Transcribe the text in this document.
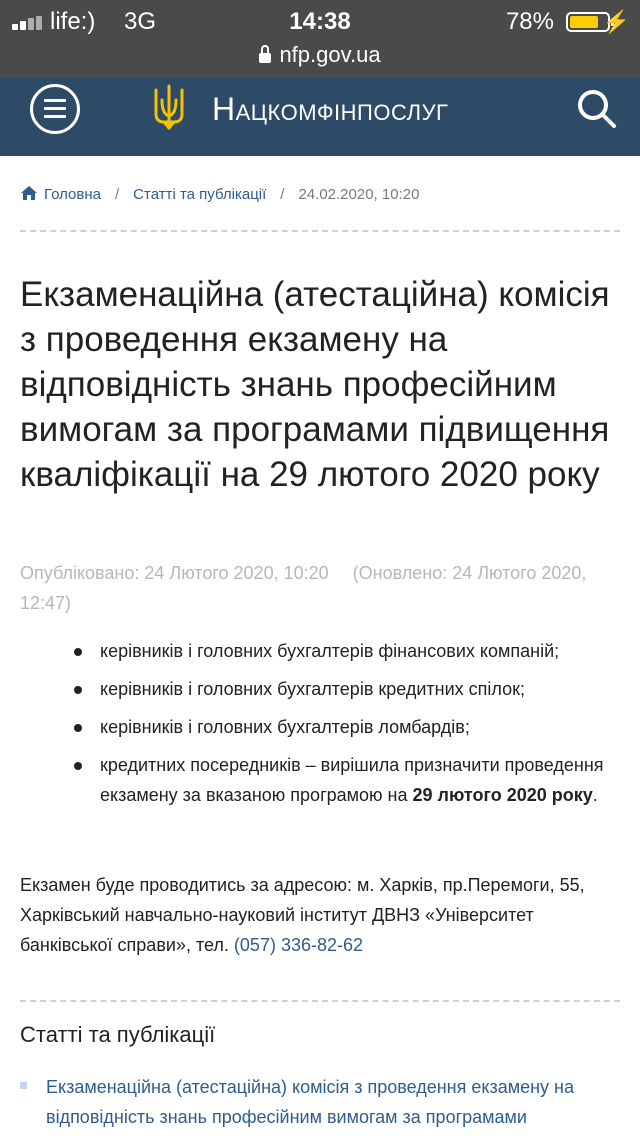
life:) 3G	14:38	78% ⚡
nfp.gov.ua
Нацкомфінпослуг
Головна / Статті та публікації / 24.02.2020, 10:20
Екзаменаційна (атестаційна) комісія з проведення екзамену на відповідність знань професійним вимогам за програмами підвищення кваліфікації на 29 лютого 2020 року
Опубліковано: 24 Лютого 2020, 10:20 (Оновлено: 24 Лютого 2020, 12:47)
керівників і головних бухгалтерів фінансових компаній;
керівників і головних бухгалтерів кредитних спілок;
керівників і головних бухгалтерів ломбардів;
кредитних посередників – вирішила призначити проведення екзамену за вказаною програмою на 29 лютого 2020 року.
Екзамен буде проводитись за адресою: м. Харків, пр.Перемоги, 55, Харківський навчально-науковий інститут ДВНЗ «Університет банківської справи», тел. (057) 336-82-62
Статті та публікації
Екзаменаційна (атестаційна) комісія з проведення екзамену на відповідність знань професійним вимогам за програмами
